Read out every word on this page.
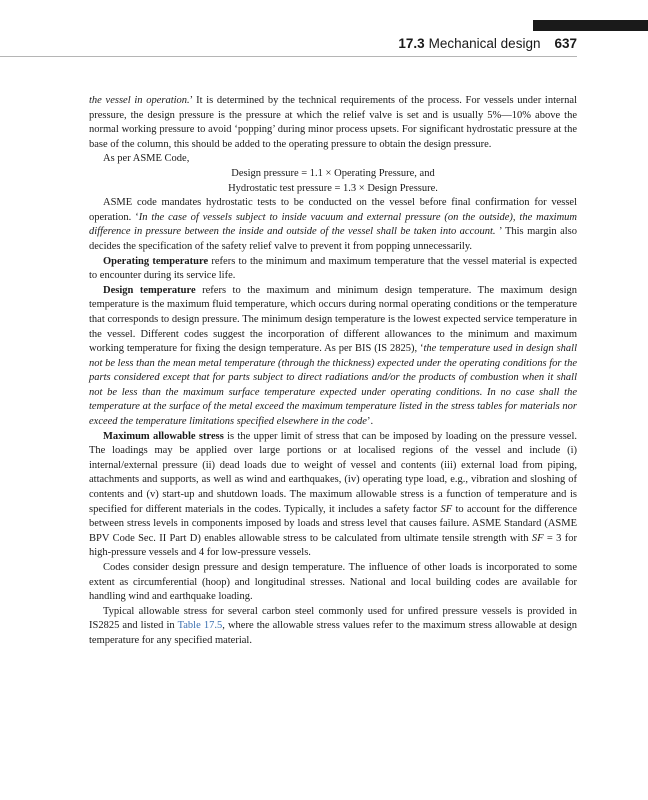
17.3 Mechanical design 637

the vessel in operation.’ It is determined by the technical requirements of the process. For vessels under internal pressure, the design pressure is the pressure at which the relief valve is set and is usually 5%—10% above the normal working pressure to avoid ‘popping’ during minor process upsets. For significant hydrostatic pressure at the base of the column, this should be added to the operating pressure to obtain the design pressure.

As per ASME Code,

Design pressure = 1.1 × Operating Pressure, and

Hydrostatic test pressure = 1.3 × Design Pressure.

ASME code mandates hydrostatic tests to be conducted on the vessel before final confirmation for vessel operation. ‘In the case of vessels subject to inside vacuum and external pressure (on the outside), the maximum difference in pressure between the inside and outside of the vessel shall be taken into account. ’ This margin also decides the specification of the safety relief valve to prevent it from popping unnecessarily.

Operating temperature refers to the minimum and maximum temperature that the vessel material is expected to encounter during its service life.

Design temperature refers to the maximum and minimum design temperature. The maximum design temperature is the maximum fluid temperature, which occurs during normal operating conditions or the temperature that corresponds to design pressure. The minimum design temperature is the lowest expected service temperature in the vessel. Different codes suggest the incorporation of different allowances to the minimum and maximum working temperature for fixing the design temperature. As per BIS (IS 2825), ‘the temperature used in design shall not be less than the mean metal temperature (through the thickness) expected under the operating conditions for the parts considered except that for parts subject to direct radiations and/or the products of combustion when it shall not be less than the maximum surface temperature expected under operating conditions. In no case shall the temperature at the surface of the metal exceed the maximum temperature listed in the stress tables for materials nor exceed the temperature limitations specified elsewhere in the code’.

Maximum allowable stress is the upper limit of stress that can be imposed by loading on the pressure vessel. The loadings may be applied over large portions or at localised regions of the vessel and include (i) internal/external pressure (ii) dead loads due to weight of vessel and contents (iii) external load from piping, attachments and supports, as well as wind and earthquakes, (iv) operating type load, e.g., vibration and sloshing of contents and (v) start-up and shutdown loads. The maximum allowable stress is a function of temperature and is specified for different materials in the codes. Typically, it includes a safety factor SF to account for the difference between stress levels in components imposed by loads and stress level that causes failure. ASME Standard (ASME BPV Code Sec. II Part D) enables allowable stress to be calculated from ultimate tensile strength with SF = 3 for high-pressure vessels and 4 for low-pressure vessels.

Codes consider design pressure and design temperature. The influence of other loads is incorporated to some extent as circumferential (hoop) and longitudinal stresses. National and local building codes are available for handling wind and earthquake loading.

Typical allowable stress for several carbon steel commonly used for unfired pressure vessels is provided in IS2825 and listed in Table 17.5, where the allowable stress values refer to the maximum stress allowable at design temperature for any specified material.
